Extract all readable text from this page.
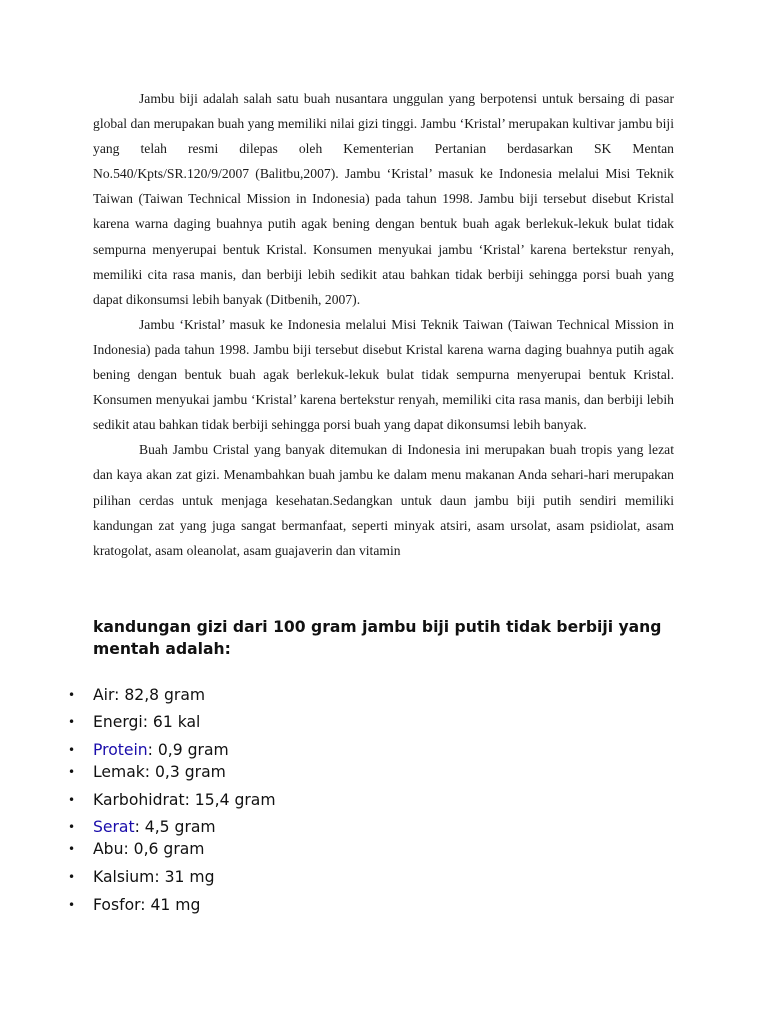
Jambu biji adalah salah satu buah nusantara unggulan yang berpotensi untuk bersaing di pasar global dan merupakan buah yang memiliki nilai gizi tinggi. Jambu ‘Kristal’ merupakan kultivar jambu biji yang telah resmi dilepas oleh Kementerian Pertanian berdasarkan SK Mentan No.540/Kpts/SR.120/9/2007 (Balitbu,2007). Jambu ‘Kristal’ masuk ke Indonesia melalui Misi Teknik Taiwan (Taiwan Technical Mission in Indonesia) pada tahun 1998. Jambu biji tersebut disebut Kristal karena warna daging buahnya putih agak bening dengan bentuk buah agak berlekuk-lekuk bulat tidak sempurna menyerupai bentuk Kristal. Konsumen menyukai jambu ‘Kristal’ karena bertekstur renyah, memiliki cita rasa manis, dan berbiji lebih sedikit atau bahkan tidak berbiji sehingga porsi buah yang dapat dikonsumsi lebih banyak (Ditbenih, 2007).

Jambu ‘Kristal’ masuk ke Indonesia melalui Misi Teknik Taiwan (Taiwan Technical Mission in Indonesia) pada tahun 1998. Jambu biji tersebut disebut Kristal karena warna daging buahnya putih agak bening dengan bentuk buah agak berlekuk-lekuk bulat tidak sempurna menyerupai bentuk Kristal. Konsumen menyukai jambu ‘Kristal’ karena bertekstur renyah, memiliki cita rasa manis, dan berbiji lebih sedikit atau bahkan tidak berbiji sehingga porsi buah yang dapat dikonsumsi lebih banyak.

Buah Jambu Cristal yang banyak ditemukan di Indonesia ini merupakan buah tropis yang lezat dan kaya akan zat gizi. Menambahkan buah jambu ke dalam menu makanan Anda sehari-hari merupakan pilihan cerdas untuk menjaga kesehatan.Sedangkan untuk daun jambu biji putih sendiri memiliki kandungan zat yang juga sangat bermanfaat, seperti minyak atsiri, asam ursolat, asam psidiolat, asam kratogolat, asam oleanolat, asam guajaverin dan vitamin

kandungan gizi dari 100 gram jambu biji putih tidak berbiji yang mentah adalah:
• Air: 82,8 gram
• Energi: 61 kal
• Protein: 0,9 gram
• Lemak: 0,3 gram
• Karbohidrat: 15,4 gram
• Serat: 4,5 gram
• Abu: 0,6 gram
• Kalsium: 31 mg
• Fosfor: 41 mg
